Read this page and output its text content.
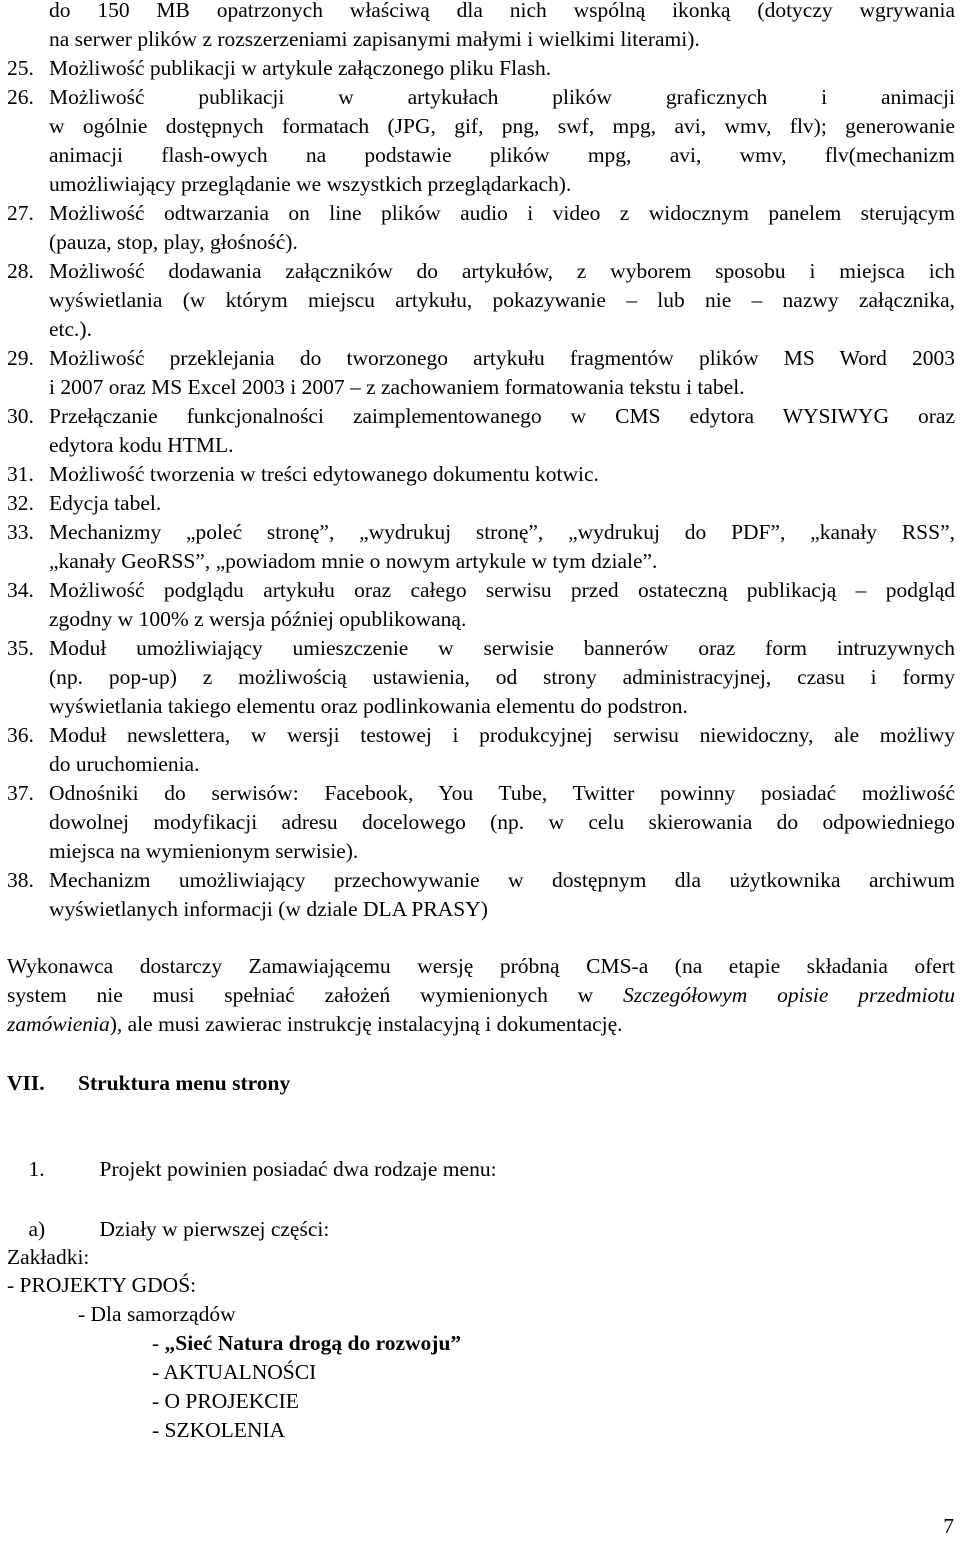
do 150 MB opatrzonych właściwą dla nich wspólną ikonką (dotyczy wgrywania
na serwer plików z rozszerzeniami zapisanymi małymi i wielkimi literami).
25. Możliwość publikacji w artykule załączonego pliku Flash.
26. Możliwość publikacji w artykułach plików graficznych i animacji
w ogólnie dostępnych formatach (JPG, gif, png, swf, mpg, avi, wmv, flv); generowanie
animacji flash-owych na podstawie plików mpg, avi, wmv, flv(mechanizm
umożliwiający przeglądanie we wszystkich przeglądarkach).
27. Możliwość odtwarzania on line plików audio i video z widocznym panelem sterującym
(pauza, stop, play, głośność).
28. Możliwość dodawania załączników do artykułów, z wyborem sposobu i miejsca ich
wyświetlania (w którym miejscu artykułu, pokazywanie – lub nie – nazwy załącznika,
etc.).
29. Możliwość przeklejania do tworzonego artykułu fragmentów plików MS Word 2003
i 2007 oraz MS Excel 2003 i 2007 – z zachowaniem formatowania tekstu i tabel.
30. Przełączanie funkcjonalności zaimplementowanego w CMS edytora WYSIWYG oraz
edytora kodu HTML.
31. Możliwość tworzenia w treści edytowanego dokumentu kotwic.
32. Edycja tabel.
33. Mechanizmy „poleć stronę”, „wydrukuj stronę”, „wydrukuj do PDF”, „kanały RSS”,
„kanały GeoRSS”, „powiadom mnie o nowym artykule w tym dziale”.
34. Możliwość podglądu artykułu oraz całego serwisu przed ostateczną publikacją – podgląd
zgodny w 100% z wersja później opublikowaną.
35. Moduł umożliwiający umieszczenie w serwisie bannerów oraz form intruzywnych
(np. pop-up) z możliwością ustawienia, od strony administracyjnej, czasu i formy
wyświetlania takiego elementu oraz podlinkowania elementu do podstron.
36. Moduł newslettera, w wersji testowej i produkcyjnej serwisu niewidoczny, ale możliwy
do uruchomienia.
37. Odnośniki do serwisów: Facebook, You Tube, Twitter powinny posiadać możliwość
dowolnej modyfikacji adresu docelowego (np. w celu skierowania do odpowiedniego
miejsca na wymienionym serwisie).
38. Mechanizm umożliwiający przechowywanie w dostępnym dla użytkownika archiwum
wyświetlanych informacji (w dziale DLA PRASY)
Wykonawca dostarczy Zamawiającemu wersję próbną CMS-a (na etapie składania ofert
system nie musi spełniać założeń wymienionych w Szczegółowym opisie przedmiotu
zamówienia), ale musi zawierac instrukcję instalacyjną i dokumentację.
VII. Struktura menu strony

1.	Projekt powinien posiadać dwa rodzaje menu:

a)	Działy w pierwszej części:

Zakładki:
- PROJEKTY GDOŚ:
- Dla samorządów
- „Sieć Natura drogą do rozwoju”
- AKTUALNOŚCI
- O PROJEKCIE
- SZKOLENIA
7
